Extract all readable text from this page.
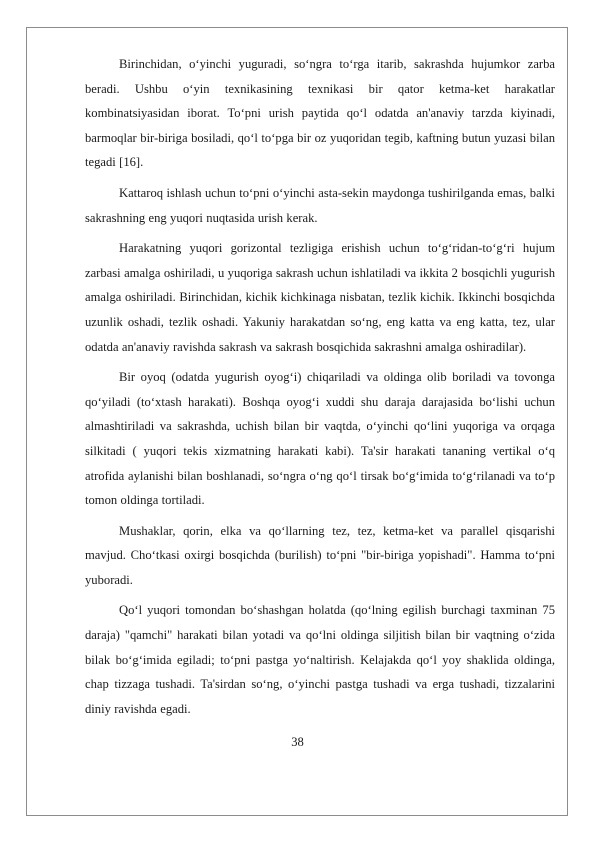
Birinchidan, o‘yinchi yuguradi, so‘ngra to‘rga itarib, sakrashda hujumkor zarba beradi. Ushbu o‘yin texnikasining texnikasi bir qator ketma-ket harakatlar kombinatsiyasidan iborat. To‘pni urish paytida qo‘l odatda an'anaviy tarzda kiyinadi, barmoqlar bir-biriga bosiladi, qo‘l to‘pga bir oz yuqoridan tegib, kaftning butun yuzasi bilan tegadi [16].

Kattaroq ishlash uchun to‘pni o‘yinchi asta-sekin maydonga tushirilganda emas, balki sakrashning eng yuqori nuqtasida urish kerak.

Harakatning yuqori gorizontal tezligiga erishish uchun to‘g‘ridan-to‘g‘ri hujum zarbasi amalga oshiriladi, u yuqoriga sakrash uchun ishlatiladi va ikkita 2 bosqichli yugurish amalga oshiriladi. Birinchidan, kichik kichkinaga nisbatan, tezlik kichik. Ikkinchi bosqichda uzunlik oshadi, tezlik oshadi. Yakuniy harakatdan so‘ng, eng katta va eng katta, tez, ular odatda an'anaviy ravishda sakrash va sakrash bosqichida sakrashni amalga oshiradilar).

Bir oyoq (odatda yugurish oyog‘i) chiqariladi va oldinga olib boriladi va tovonga qo‘yiladi (to‘xtash harakati). Boshqa oyog‘i xuddi shu daraja darajasida bo‘lishi uchun almashtiriladi va sakrashda, uchish bilan bir vaqtda, o‘yinchi qo‘lini yuqoriga va orqaga silkitadi ( yuqori tekis xizmatning harakati kabi). Ta'sir harakati tananing vertikal o‘q atrofida aylanishi bilan boshlanadi, so‘ngra o‘ng qo‘l tirsak bo‘g‘imida to‘g‘rilanadi va to‘p tomon oldinga tortiladi.

Mushaklar, qorin, elka va qo‘llarning tez, tez, ketma-ket va parallel qisqarishi mavjud. Cho‘tkasi oxirgi bosqichda (burilish) to‘pni "bir-biriga yopishadi". Hamma to‘pni yuboradi.

Qo‘l yuqori tomondan bo‘shashgan holatda (qo‘lning egilish burchagi taxminan 75 daraja) "qamchi" harakati bilan yotadi va qo‘lni oldinga siljitish bilan bir vaqtning o‘zida bilak bo‘g‘imida egiladi; to‘pni pastga yo‘naltirish. Kelajakda qo‘l yoy shaklida oldinga, chap tizzaga tushadi. Ta'sirdan so‘ng, o‘yinchi pastga tushadi va erga tushadi, tizzalarini diniy ravishda egadi.

38
